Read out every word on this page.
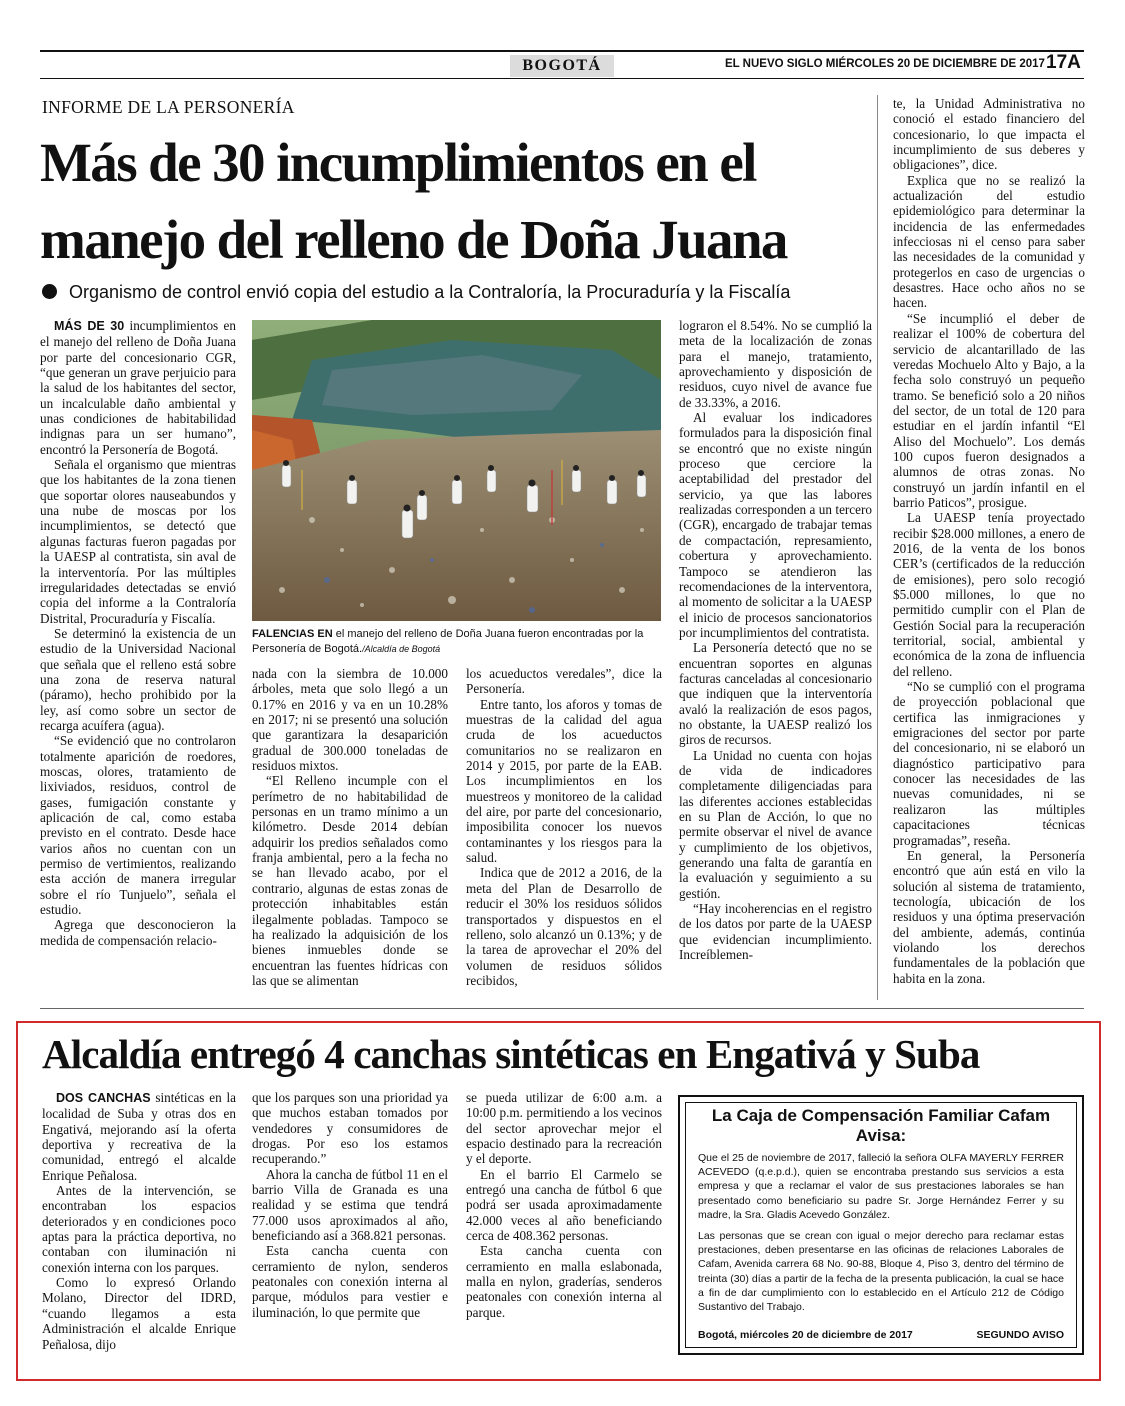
BOGOTÁ	EL NUEVO SIGLO MIÉRCOLES 20 DE DICIEMBRE DE 2017 17A
INFORME DE LA PERSONERÍA
Más de 30 incumplimientos en el manejo del relleno de Doña Juana
Organismo de control envió copia del estudio a la Contraloría, la Procuraduría y la Fiscalía

MÁS DE 30 incumplimientos en el manejo del relleno de Doña Juana por parte del concesionario CGR, “que generan un grave perjuicio para la salud de los habitantes del sector, un incalculable daño ambiental y unas condiciones de habitabilidad indignas para un ser humano”, encontró la Personería de Bogotá.

Señala el organismo que mientras que los habitantes de la zona tienen que soportar olores nauseabundos y una nube de moscas por los incumplimientos, se detectó que algunas facturas fueron pagadas por la UAESP al contratista, sin aval de la interventoría. Por las múltiples irregularidades detectadas se envió copia del informe a la Contraloría Distrital, Procuraduría y Fiscalía.

Se determinó la existencia de un estudio de la Universidad Nacional que señala que el relleno está sobre una zona de reserva natural (páramo), hecho prohibido por la ley, así como sobre un sector de recarga acuífera (agua).

“Se evidenció que no controlaron totalmente aparición de roedores, moscas, olores, tratamiento de lixiviados, residuos, control de gases, fumigación constante y aplicación de cal, como estaba previsto en el contrato. Desde hace varios años no cuentan con un permiso de vertimientos, realizando esta acción de manera irregular sobre el río Tunjuelo”, señala el estudio.

Agrega que desconocieron la medida de compensación relacio-

FALENCIAS EN el manejo del relleno de Doña Juana fueron encontradas por la Personería de Bogotá./Alcaldía de Bogotá

nada con la siembra de 10.000 árboles, meta que solo llegó a un 0.17% en 2016 y va en un 10.28% en 2017; ni se presentó una solución que garantizara la desaparición gradual de 300.000 toneladas de residuos mixtos.

“El Relleno incumple con el perímetro de no habitabilidad de personas en un tramo mínimo a un kilómetro. Desde 2014 debían adquirir los predios señalados como franja ambiental, pero a la fecha no se han llevado acabo, por el contrario, algunas de estas zonas de protección inhabitables están ilegalmente pobladas. Tampoco se ha realizado la adquisición de los bienes inmuebles donde se encuentran las fuentes hídricas con las que se alimentan

los acueductos veredales”, dice la Personería.

Entre tanto, los aforos y tomas de muestras de la calidad del agua cruda de los acueductos comunitarios no se realizaron en 2014 y 2015, por parte de la EAB. Los incumplimientos en los muestreos y monitoreo de la calidad del aire, por parte del concesionario, imposibilita conocer los nuevos contaminantes y los riesgos para la salud.

Indica que de 2012 a 2016, de la meta del Plan de Desarrollo de reducir el 30% los residuos sólidos transportados y dispuestos en el relleno, solo alcanzó un 0.13%; y de la tarea de aprovechar el 20% del volumen de residuos sólidos recibidos,

lograron el 8.54%. No se cumplió la meta de la localización de zonas para el manejo, tratamiento, aprovechamiento y disposición de residuos, cuyo nivel de avance fue de 33.33%, a 2016.

Al evaluar los indicadores formulados para la disposición final se encontró que no existe ningún proceso que cerciore la aceptabilidad del prestador del servicio, ya que las labores realizadas corresponden a un tercero (CGR), encargado de trabajar temas de compactación, represamiento, cobertura y aprovechamiento. Tampoco se atendieron las recomendaciones de la interventora, al momento de solicitar a la UAESP el inicio de procesos sancionatorios por incumplimientos del contratista.

La Personería detectó que no se encuentran soportes en algunas facturas canceladas al concesionario que indiquen que la interventoría avaló la realización de esos pagos, no obstante, la UAESP realizó los giros de recursos.

La Unidad no cuenta con hojas de vida de indicadores completamente diligenciadas para las diferentes acciones establecidas en su Plan de Acción, lo que no permite observar el nivel de avance y cumplimiento de los objetivos, generando una falta de garantía en la evaluación y seguimiento a su gestión.

“Hay incoherencias en el registro de los datos por parte de la UAESP que evidencian incumplimiento. Increíblemen-

te, la Unidad Administrativa no conoció el estado financiero del concesionario, lo que impacta el incumplimiento de sus deberes y obligaciones”, dice.

Explica que no se realizó la actualización del estudio epidemiológico para determinar la incidencia de las enfermedades infecciosas ni el censo para saber las necesidades de la comunidad y protegerlos en caso de urgencias o desastres. Hace ocho años no se hacen.

“Se incumplió el deber de realizar el 100% de cobertura del servicio de alcantarillado de las veredas Mochuelo Alto y Bajo, a la fecha solo construyó un pequeño tramo. Se benefició solo a 20 niños del sector, de un total de 120 para estudiar en el jardín infantil “El Aliso del Mochuelo”. Los demás 100 cupos fueron designados a alumnos de otras zonas. No construyó un jardín infantil en el barrio Paticos”, prosigue.

La UAESP tenía proyectado recibir $28.000 millones, a enero de 2016, de la venta de los bonos CER’s (certificados de la reducción de emisiones), pero solo recogió $5.000 millones, lo que no permitido cumplir con el Plan de Gestión Social para la recuperación territorial, social, ambiental y económica de la zona de influencia del relleno.

“No se cumplió con el programa de proyección poblacional que certifica las inmigraciones y emigraciones del sector por parte del concesionario, ni se elaboró un diagnóstico participativo para conocer las necesidades de las nuevas comunidades, ni se realizaron las múltiples capacitaciones técnicas programadas”, reseña.

En general, la Personería encontró que aún está en vilo la solución al sistema de tratamiento, tecnología, ubicación de los residuos y una óptima preservación del ambiente, además, continúa violando los derechos fundamentales de la población que habita en la zona.

Alcaldía entregó 4 canchas sintéticas en Engativá y Suba

DOS CANCHAS sintéticas en la localidad de Suba y otras dos en Engativá, mejorando así la oferta deportiva y recreativa de la comunidad, entregó el alcalde Enrique Peñalosa.

Antes de la intervención, se encontraban los espacios deteriorados y en condiciones poco aptas para la práctica deportiva, no contaban con iluminación ni conexión interna con los parques.

Como lo expresó Orlando Molano, Director del IDRD, “cuando llegamos a esta Administración el alcalde Enrique Peñalosa, dijo

que los parques son una prioridad ya que muchos estaban tomados por vendedores y consumidores de drogas. Por eso los estamos recuperando.”

Ahora la cancha de fútbol 11 en el barrio Villa de Granada es una realidad y se estima que tendrá 77.000 usos aproximados al año, beneficiando así a 368.821 personas.

Esta cancha cuenta con cerramiento de nylon, senderos peatonales con conexión interna al parque, módulos para vestier e iluminación, lo que permite que

se pueda utilizar de 6:00 a.m. a 10:00 p.m. permitiendo a los vecinos del sector aprovechar mejor el espacio destinado para la recreación y el deporte.

En el barrio El Carmelo se entregó una cancha de fútbol 6 que podrá ser usada aproximadamente 42.000 veces al año beneficiando cerca de 408.362 personas.

Esta cancha cuenta con cerramiento en malla eslabonada, malla en nylon, graderías, senderos peatonales con conexión interna al parque.

La Caja de Compensación Familiar Cafam
Avisa:
Que el 25 de noviembre de 2017, falleció la señora OLFA MAYERLY FERRER ACEVEDO (q.e.p.d.), quien se encontraba prestando sus servicios a esta empresa y que a reclamar el valor de sus prestaciones laborales se han presentado como beneficiario su padre Sr. Jorge Hernández Ferrer y su madre, la Sra. Gladis Acevedo González.
Las personas que se crean con igual o mejor derecho para reclamar estas prestaciones, deben presentarse en las oficinas de relaciones Laborales de Cafam, Avenida carrera 68 No. 90-88, Bloque 4, Piso 3, dentro del término de treinta (30) días a partir de la fecha de la presenta publicación, la cual se hace a fin de dar cumplimiento con lo establecido en el Artículo 212 de Código Sustantivo del Trabajo.
Bogotá, miércoles 20 de diciembre de 2017	SEGUNDO AVISO
